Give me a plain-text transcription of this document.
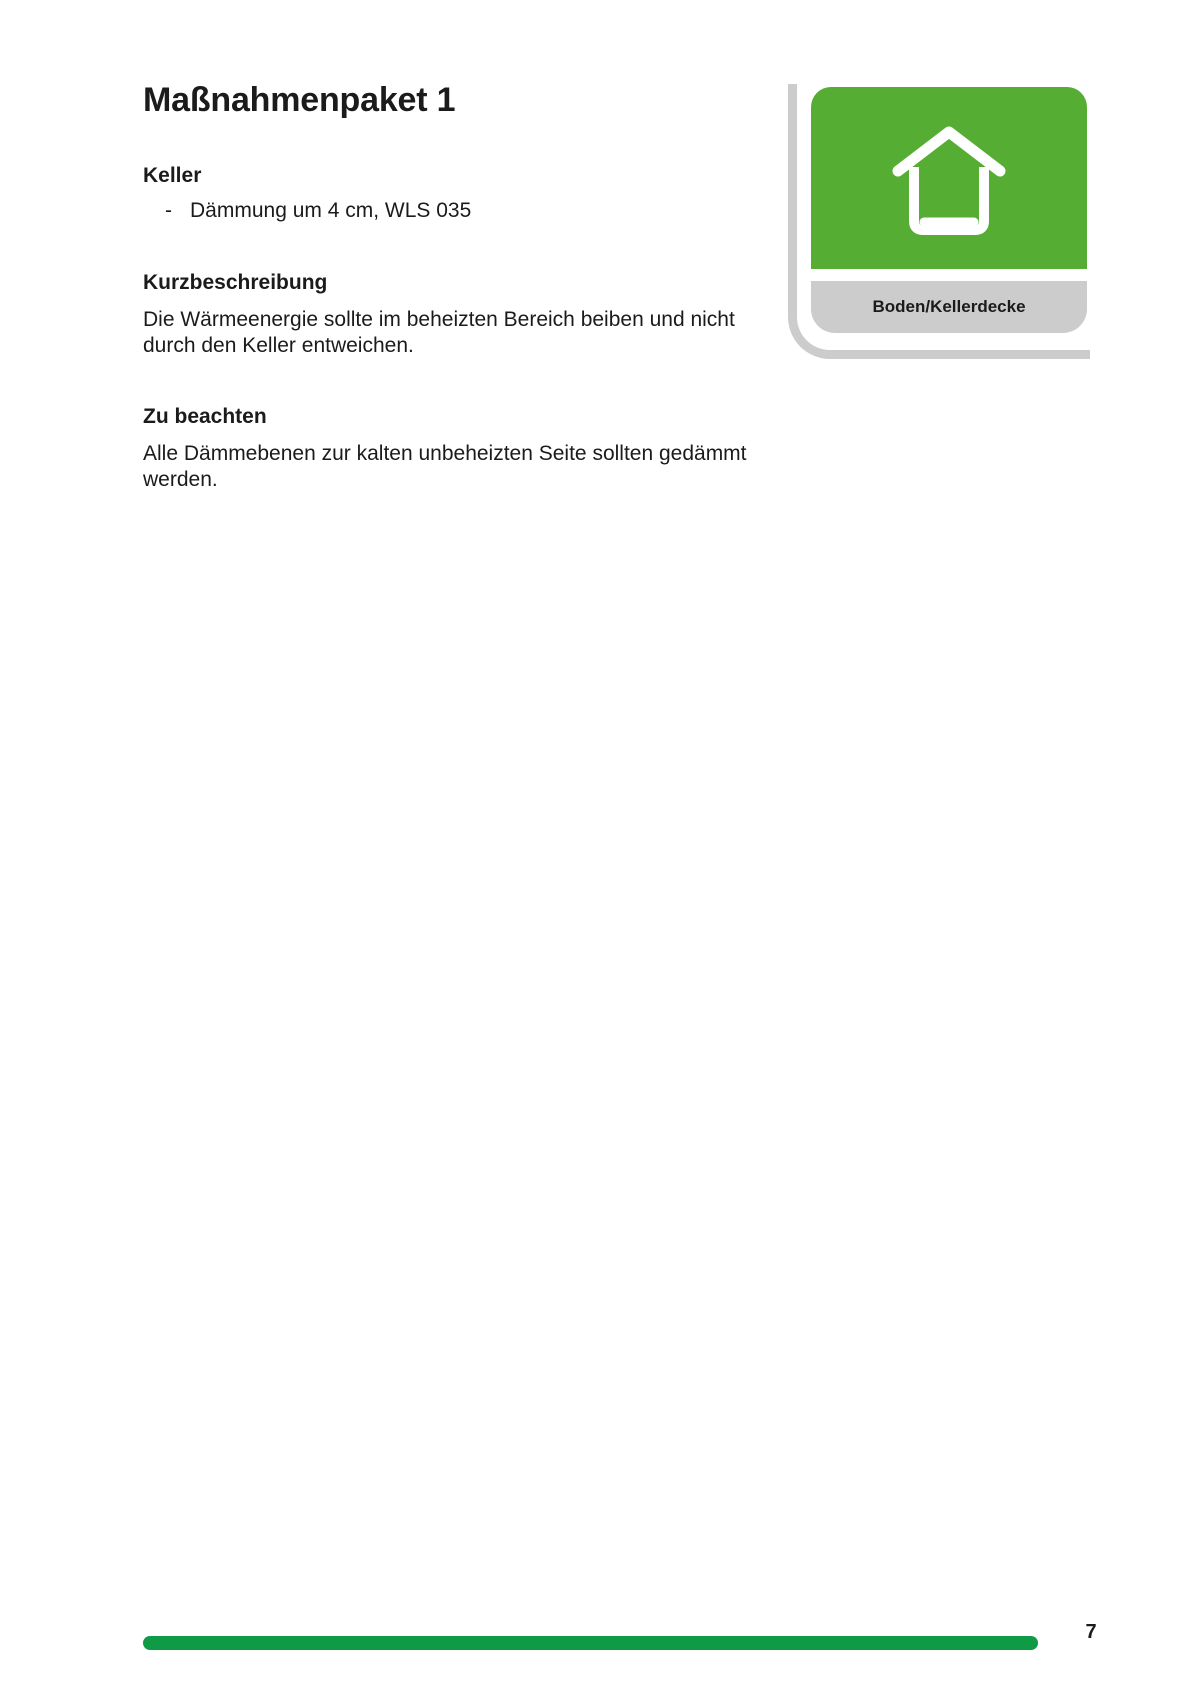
Maßnahmenpaket 1
Keller
- Dämmung um 4 cm, WLS 035
Kurzbeschreibung

Die Wärmeenergie sollte im beheizten Bereich beiben und nicht durch den Keller entweichen.

Zu beachten

Alle Dämmebenen zur kalten unbeheizten Seite sollten gedämmt werden.

Boden/Kellerdecke
7
